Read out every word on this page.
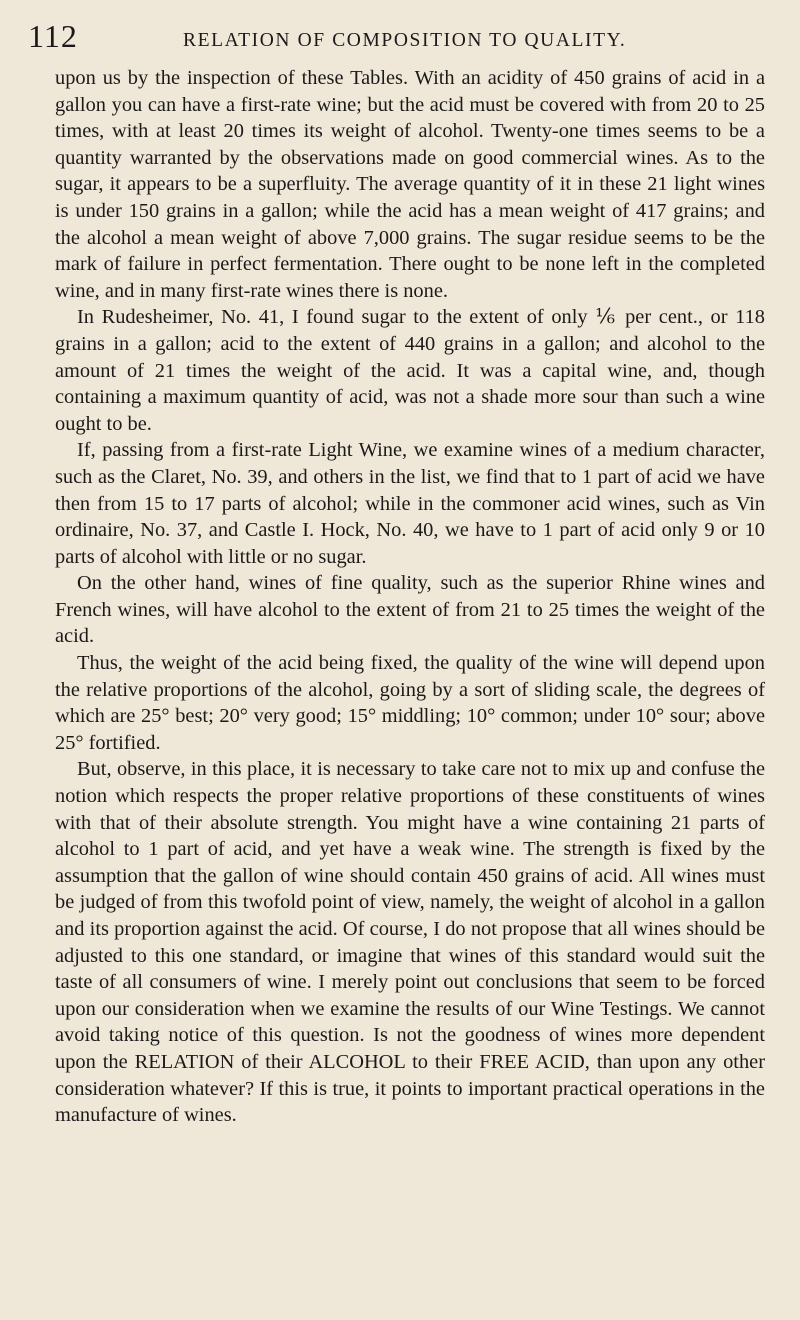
112	RELATION OF COMPOSITION TO QUALITY.

upon us by the inspection of these Tables. With an acidity of 450 grains of acid in a gallon you can have a first-rate wine; but the acid must be covered with from 20 to 25 times, with at least 20 times its weight of alcohol. Twenty-one times seems to be a quantity warranted by the observations made on good commercial wines. As to the sugar, it appears to be a superfluity. The average quantity of it in these 21 light wines is under 150 grains in a gallon; while the acid has a mean weight of 417 grains; and the alcohol a mean weight of above 7,000 grains. The sugar residue seems to be the mark of failure in perfect fermentation. There ought to be none left in the completed wine, and in many first-rate wines there is none.

In Rudesheimer, No. 41, I found sugar to the extent of only ⅙ per cent., or 118 grains in a gallon; acid to the extent of 440 grains in a gallon; and alcohol to the amount of 21 times the weight of the acid. It was a capital wine, and, though containing a maximum quantity of acid, was not a shade more sour than such a wine ought to be.

If, passing from a first-rate Light Wine, we examine wines of a medium character, such as the Claret, No. 39, and others in the list, we find that to 1 part of acid we have then from 15 to 17 parts of alcohol; while in the commoner acid wines, such as Vin ordinaire, No. 37, and Castle I. Hock, No. 40, we have to 1 part of acid only 9 or 10 parts of alcohol with little or no sugar.

On the other hand, wines of fine quality, such as the superior Rhine wines and French wines, will have alcohol to the extent of from 21 to 25 times the weight of the acid.

Thus, the weight of the acid being fixed, the quality of the wine will depend upon the relative proportions of the alcohol, going by a sort of sliding scale, the degrees of which are 25° best; 20° very good; 15° middling; 10° common; under 10° sour; above 25° fortified.

But, observe, in this place, it is necessary to take care not to mix up and confuse the notion which respects the proper relative proportions of these constituents of wines with that of their absolute strength. You might have a wine containing 21 parts of alcohol to 1 part of acid, and yet have a weak wine. The strength is fixed by the assumption that the gallon of wine should contain 450 grains of acid. All wines must be judged of from this twofold point of view, namely, the weight of alcohol in a gallon and its proportion against the acid. Of course, I do not propose that all wines should be adjusted to this one standard, or imagine that wines of this standard would suit the taste of all consumers of wine. I merely point out conclusions that seem to be forced upon our consideration when we examine the results of our Wine Testings. We cannot avoid taking notice of this question. Is not the goodness of wines more dependent upon the RELATION of their ALCOHOL to their FREE ACID, than upon any other consideration whatever? If this is true, it points to important practical operations in the manufacture of wines.
